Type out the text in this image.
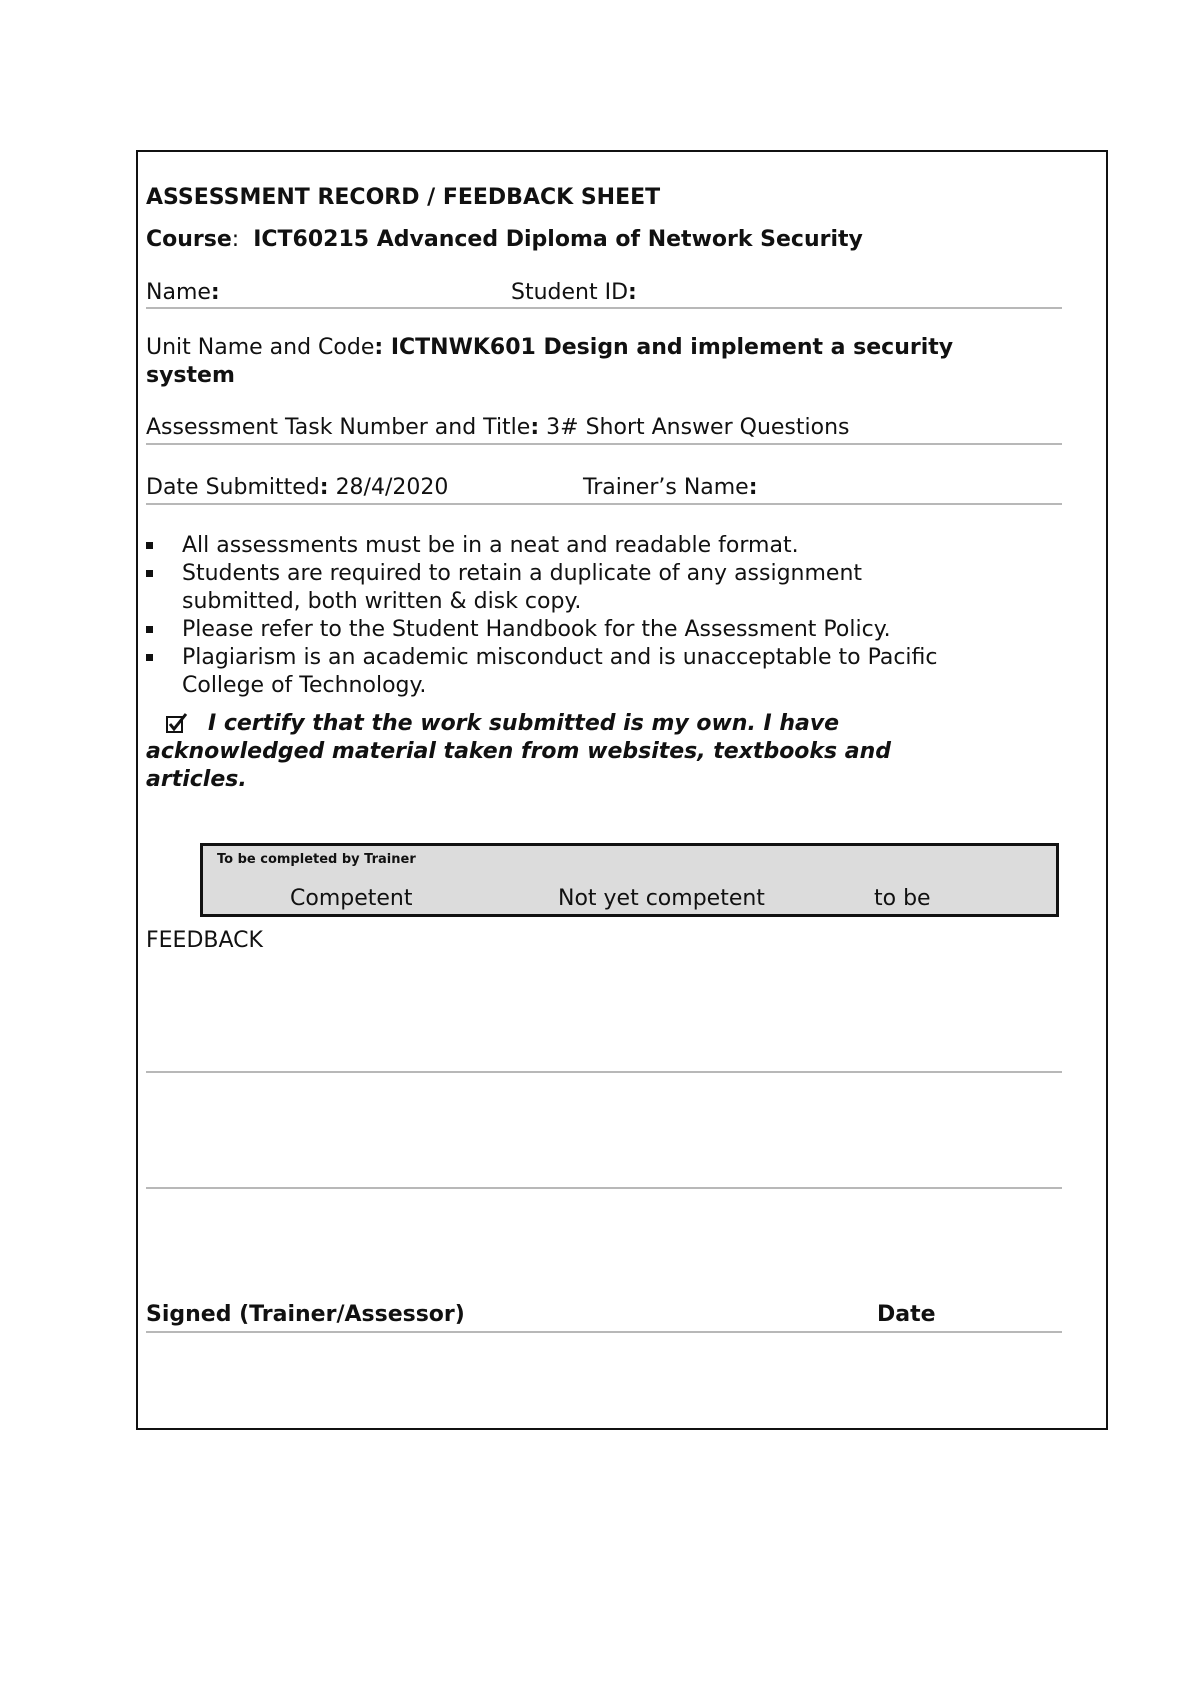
ASSESSMENT RECORD / FEEDBACK SHEET
Course: ICT60215 Advanced Diploma of Network Security
Name:	Student ID:
Unit Name and Code: ICTNWK601 Design and implement a security
system
Assessment Task Number and Title: 3# Short Answer Questions
Date Submitted: 28/4/2020	Trainer’s Name:
All assessments must be in a neat and readable format.
Students are required to retain a duplicate of any assignment
submitted, both written & disk copy.
Please refer to the Student Handbook for the Assessment Policy.
Plagiarism is an academic misconduct and is unacceptable to Pacific
College of Technology.
I certify that the work submitted is my own. I have
acknowledged material taken from websites, textbooks and
articles.
To be completed by Trainer
Competent	Not yet competent	to be
FEEDBACK
Signed (Trainer/Assessor)	Date
